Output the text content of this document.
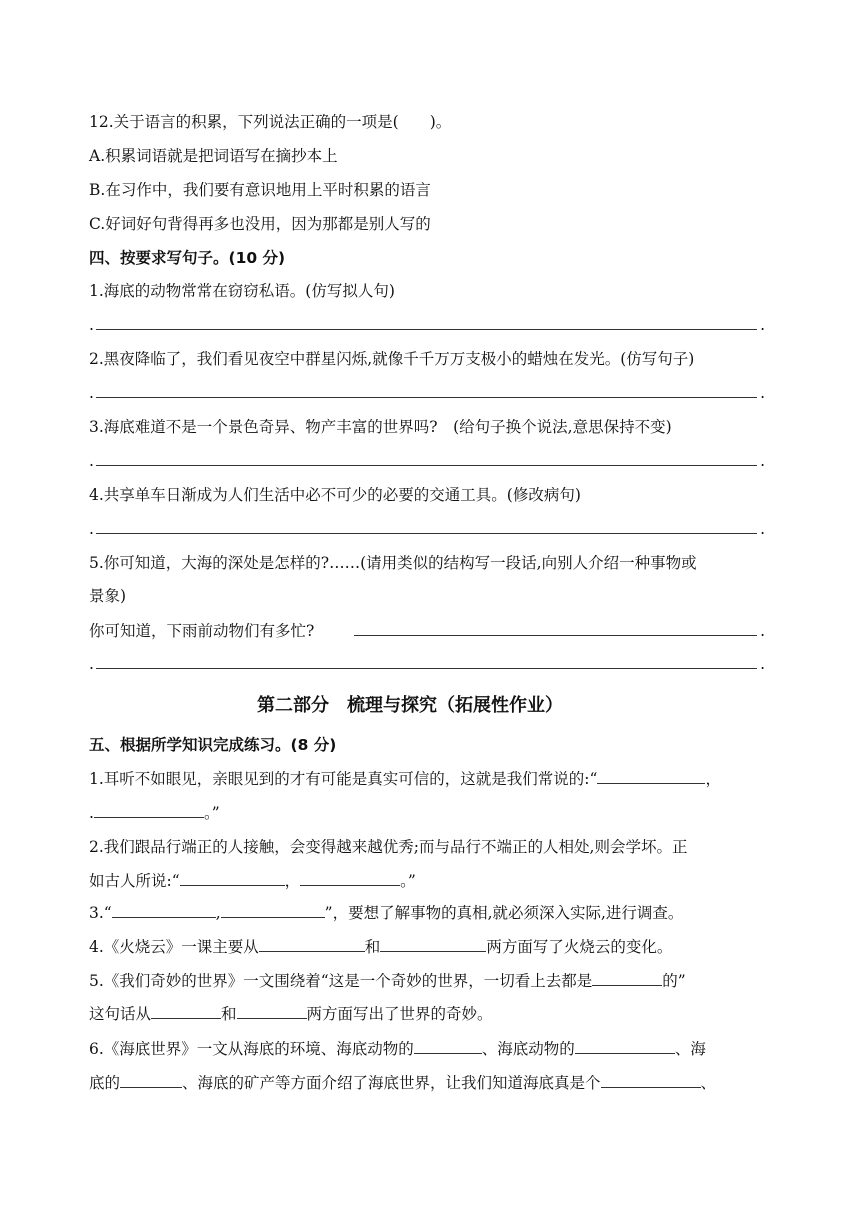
12.关于语言的积累，下列说法正确的一项是(　　)。
A.积累词语就是把词语写在摘抄本上
B.在习作中，我们要有意识地用上平时积累的语言
C.好词好句背得再多也没用，因为那都是别人写的
四、按要求写句子。(10 分)
1.海底的动物常常在窃窃私语。(仿写拟人句)
.	.
2.黑夜降临了，我们看见夜空中群星闪烁,就像千千万万支极小的蜡烛在发光。(仿写句子)
.	.
3.海底难道不是一个景色奇异、物产丰富的世界吗?　(给句子换个说法,意思保持不变)
.	.
4.共享单车日渐成为人们生活中必不可少的必要的交通工具。(修改病句)
.	.
5.你可知道，大海的深处是怎样的?……(请用类似的结构写一段话,向别人介绍一种事物或
景象)
你可知道，下雨前动物们有多忙?	.
.	.
第二部分　梳理与探究（拓展性作业）
五、根据所学知识完成练习。(8 分)
1.耳听不如眼见，亲眼见到的才有可能是真实可信的，这就是我们常说的:“	，
.	。”
2.我们跟品行端正的人接触，会变得越来越优秀;而与品行不端正的人相处,则会学坏。正
如古人所说:“	，	。”
3.“	,	”，要想了解事物的真相,就必须深入实际,进行调查。
4.《火烧云》一课主要从	和	两方面写了火烧云的变化。
5.《我们奇妙的世界》一文围绕着“这是一个奇妙的世界，一切看上去都是	的”
这句话从	和	两方面写出了世界的奇妙。
6.《海底世界》一文从海底的环境、海底动物的	、海底动物的	、海
底的	、海底的矿产等方面介绍了海底世界，让我们知道海底真是个	、
